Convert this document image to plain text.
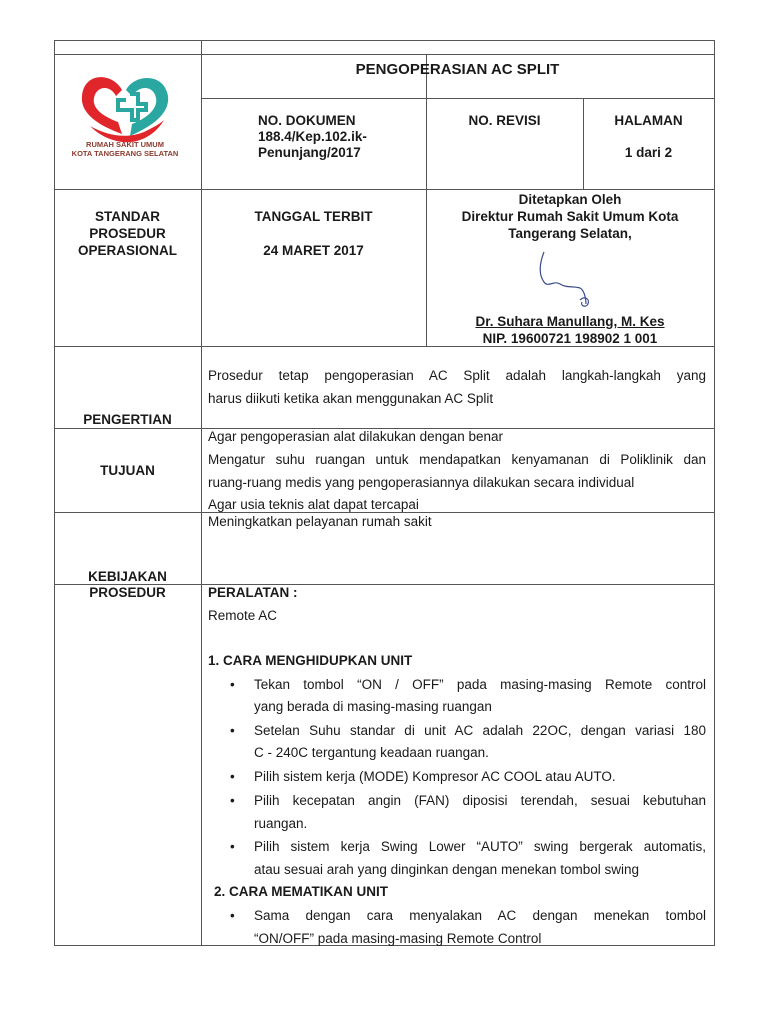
RUMAH SAKIT UMUM
KOTA TANGERANG SELATAN
PENGOPERASIAN AC SPLIT
NO. DOKUMEN
188.4/Kep.102.ik-
Penunjang/2017
NO. REVISI	HALAMAN
1 dari 2
STANDAR
PROSEDUR
OPERASIONAL
TANGGAL TERBIT
24 MARET 2017
Ditetapkan Oleh
Direktur Rumah Sakit Umum Kota
Tangerang Selatan,
Dr. Suhara Manullang, M. Kes
NIP. 19600721 198902 1 001
PENGERTIAN
Prosedur tetap pengoperasian AC Split adalah langkah-langkah yang
harus diikuti ketika akan menggunakan AC Split
TUJUAN
Agar pengoperasian alat dilakukan dengan benar
Mengatur suhu ruangan untuk mendapatkan kenyamanan di Poliklinik dan
ruang-ruang medis yang pengoperasiannya dilakukan secara individual
Agar usia teknis alat dapat tercapai
KEBIJAKAN
Meningkatkan pelayanan rumah sakit
PROSEDUR	PERALATAN :
Remote AC
1. CARA MENGHIDUPKAN UNIT
• Tekan tombol “ON / OFF” pada masing-masing Remote control
yang berada di masing-masing ruangan
• Setelan Suhu standar di unit AC adalah 22OC, dengan variasi 180
C - 240C tergantung keadaan ruangan.
• Pilih sistem kerja (MODE) Kompresor AC COOL atau AUTO.
• Pilih kecepatan angin (FAN) diposisi terendah, sesuai kebutuhan
ruangan.
• Pilih sistem kerja Swing Lower “AUTO” swing bergerak automatis,
atau sesuai arah yang dinginkan dengan menekan tombol swing
2. CARA MEMATIKAN UNIT
• Sama dengan cara menyalakan AC dengan menekan tombol
“ON/OFF” pada masing-masing Remote Control
